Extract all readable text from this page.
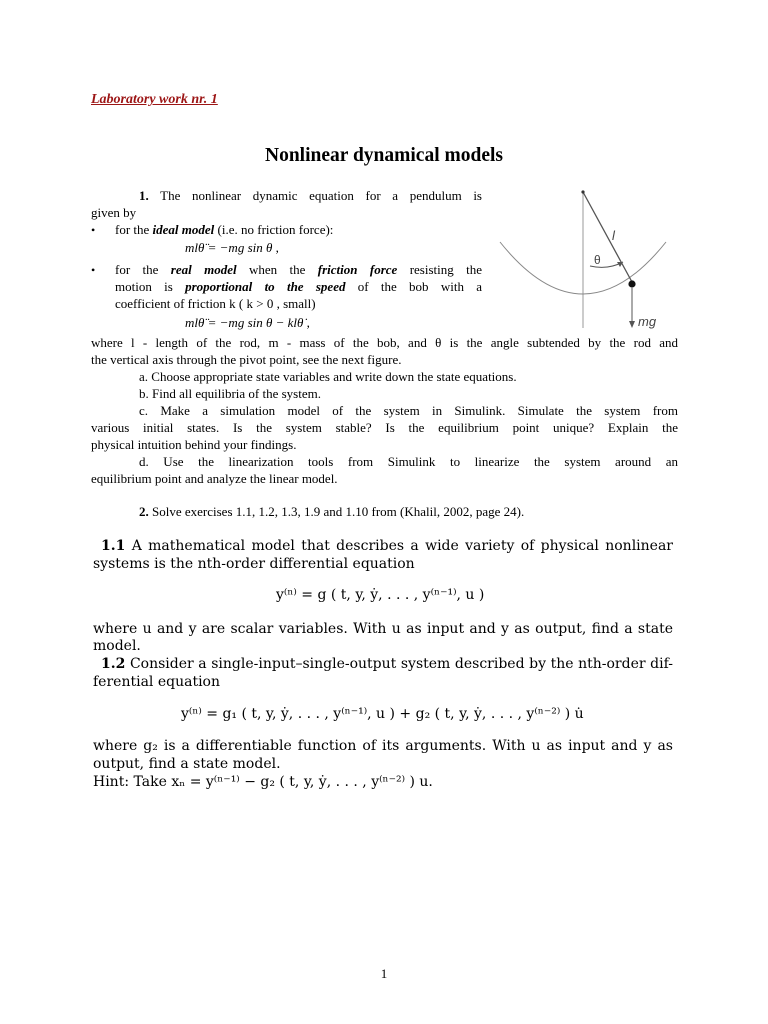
Laboratory work nr. 1
Nonlinear dynamical models
1. The nonlinear dynamic equation for a pendulum is
given by
• for the ideal model (i.e. no friction force):
mlθ̈ = −mg sin θ ,
• for the real model when the friction force resisting the
motion is proportional to the speed of the bob with a
coefficient of friction k ( k > 0 , small)
mlθ̈ = −mg sin θ − klθ̇ ,
l
θ
mg
where l - length of the rod, m - mass of the bob, and θ is the angle subtended by the rod and
the vertical axis through the pivot point, see the next figure.
a. Choose appropriate state variables and write down the state equations.
b. Find all equilibria of the system.
c. Make a simulation model of the system in Simulink. Simulate the system from
various initial states. Is the system stable? Is the equilibrium point unique? Explain the
physical intuition behind your findings.
d. Use the linearization tools from Simulink to linearize the system around an
equilibrium point and analyze the linear model.
2. Solve exercises 1.1, 1.2, 1.3, 1.9 and 1.10 from (Khalil, 2002, page 24).
1.1 A mathematical model that describes a wide variety of physical nonlinear
systems is the nth-order differential equation
y⁽ⁿ⁾ = g ( t, y, ẏ, . . . , y⁽ⁿ⁻¹⁾, u )
where u and y are scalar variables. With u as input and y as output, find a state
model.
1.2 Consider a single-input–single-output system described by the nth-order dif-
ferential equation
y⁽ⁿ⁾ = g₁ ( t, y, ẏ, . . . , y⁽ⁿ⁻¹⁾, u ) + g₂ ( t, y, ẏ, . . . , y⁽ⁿ⁻²⁾ ) u̇
where g₂ is a differentiable function of its arguments. With u as input and y as
output, find a state model.
Hint: Take xₙ = y⁽ⁿ⁻¹⁾ − g₂ ( t, y, ẏ, . . . , y⁽ⁿ⁻²⁾ ) u.
1
